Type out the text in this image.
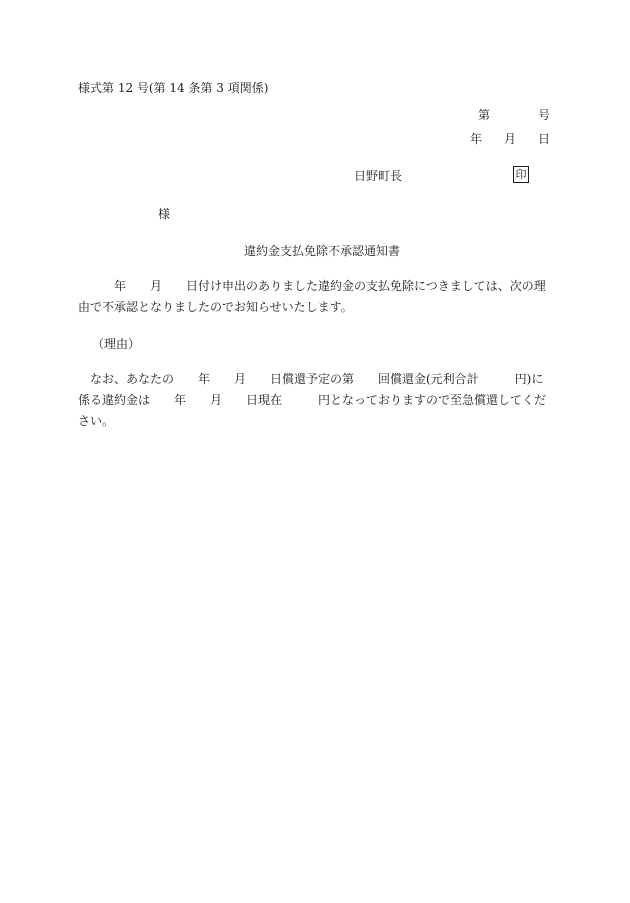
様式第 12 号(第 14 条第 3 項関係)
第	号
年 月 日
日野町長	印
様
違約金支払免除不承認通知書
　　　年　　月　　日付け申出のありました違約金の支払免除につきましては、次の理
由で不承認となりましたのでお知らせいたします。
（理由）
　なお、あなたの　　年　　月　　日償還予定の第　　回償還金(元利合計　　　円)に
係る違約金は　　年　　月　　日現在　　　円となっておりますので至急償還してくだ
さい。
